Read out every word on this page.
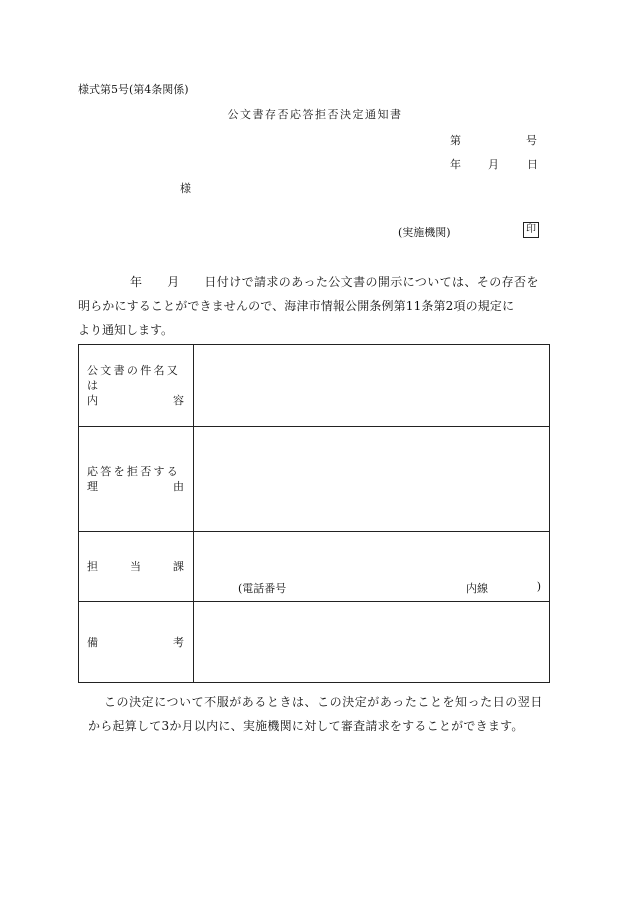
様式第5号(第4条関係)
公文書存否応答拒否決定通知書
第	号
年 月	日
様
(実施機関)	印
年　　月　　日付けで請求のあった公文書の開示については、その存否を
明らかにすることができませんので、海津市情報公開条例第11条第2項の規定に
より通知します。
公文書の件名又は
内 容	

応答を拒否する
理 由	

担 当 課	(電話番号 内線 )

備 考	

この決定について不服があるときは、この決定があったことを知った日の翌日
から起算して3か月以内に、実施機関に対して審査請求をすることができます。
